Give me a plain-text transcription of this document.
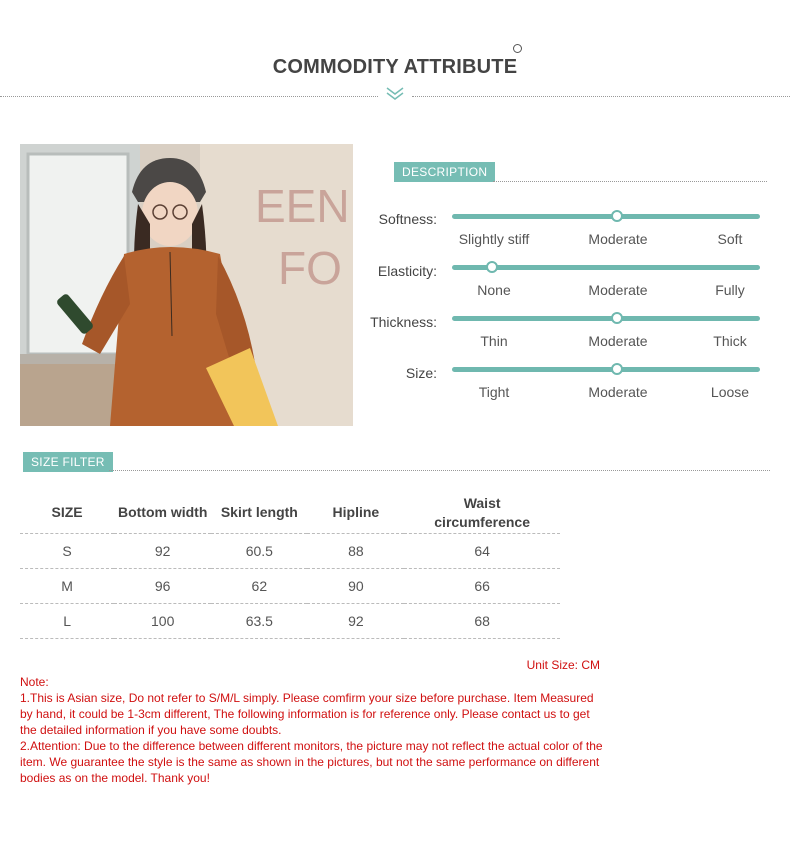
COMMODITY ATTRIBUTE
EEN
FO
DESCRIPTION
Softness:
Slightly stiff	Moderate	Soft
Elasticity:
None	Moderate	Fully
Thickness:
Thin	Moderate	Thick
Size:
Tight	Moderate	Loose
SIZE FILTER
SIZE	Bottom width	Skirt length	Hipline	Waist circumference
S	92	60.5	88	64
M	96	62	90	66
L	100	63.5	92	68
Unit Size: CM

Note:

1.This is Asian size, Do not refer to S/M/L simply. Please comfirm your size before purchase. Item Measured by hand, it could be 1-3cm different, The following information is for reference only. Please contact us to get the detailed information if you have some doubts.

2.Attention: Due to the difference between different monitors, the picture may not reflect the actual color of the item. We guarantee the style is the same as shown in the pictures, but not the same performance on different bodies as on the model. Thank you!
